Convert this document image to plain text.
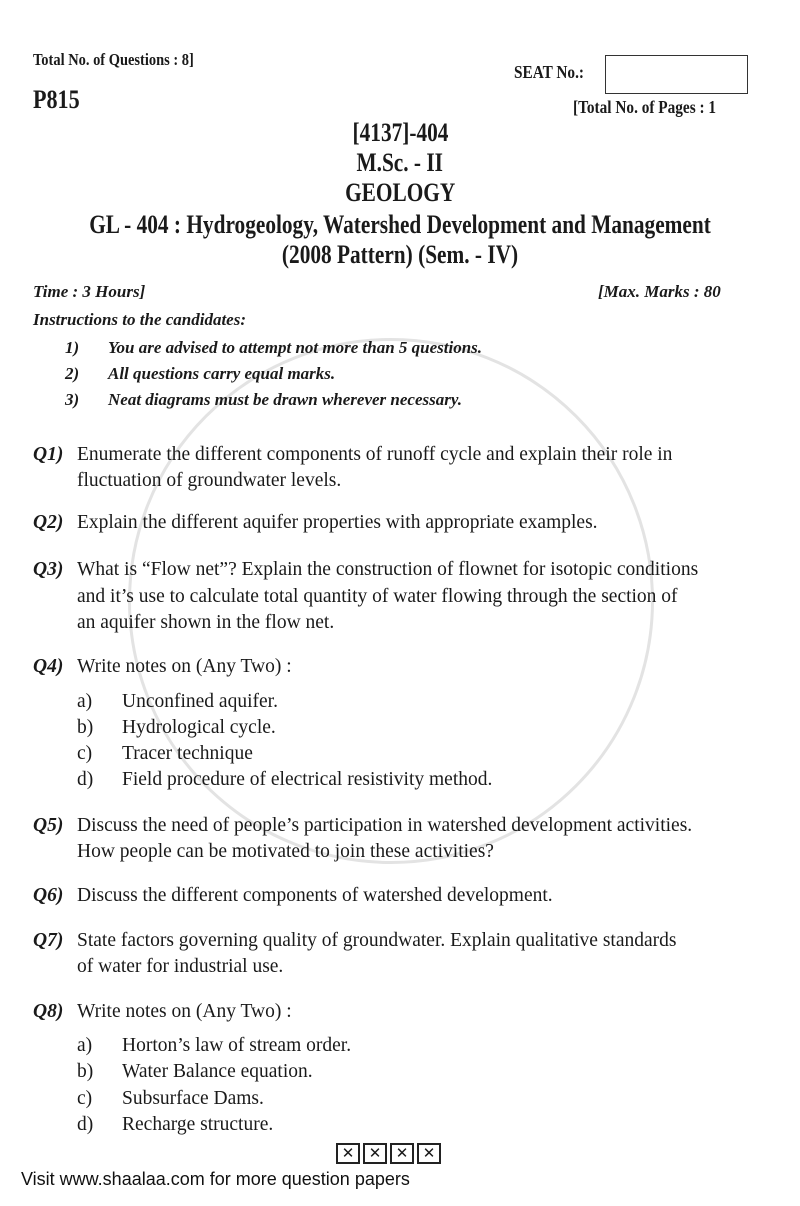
Total No. of Questions : 8]
SEAT No.:
P815	[Total No. of Pages : 1
[4137]-404
M.Sc. - II
GEOLOGY
GL - 404 : Hydrogeology, Watershed Development and Management
(2008 Pattern) (Sem. - IV)
Time : 3 Hours]	[Max. Marks : 80
Instructions to the candidates:
1) You are advised to attempt not more than 5 questions.
2) All questions carry equal marks.
3) Neat diagrams must be drawn wherever necessary.
Q1) Enumerate the different components of runoff cycle and explain their role in
fluctuation of groundwater levels.
Q2) Explain the different aquifer properties with appropriate examples.
Q3) What is “Flow net”? Explain the construction of flownet for isotopic conditions
and it’s use to calculate total quantity of water flowing through the section of
an aquifer shown in the flow net.
Q4) Write notes on (Any Two) :
a) Unconfined aquifer.
b) Hydrological cycle.
c) Tracer technique
d) Field procedure of electrical resistivity method.
Q5) Discuss the need of people’s participation in watershed development activities.
How people can be motivated to join these activities?
Q6) Discuss the different components of watershed development.
Q7) State factors governing quality of groundwater. Explain qualitative standards
of water for industrial use.
Q8) Write notes on (Any Two) :
a) Horton’s law of stream order.
b) Water Balance equation.
c) Subsurface Dams.
d) Recharge structure.
✕ ✕ ✕ ✕
Visit www.shaalaa.com for more question papers
